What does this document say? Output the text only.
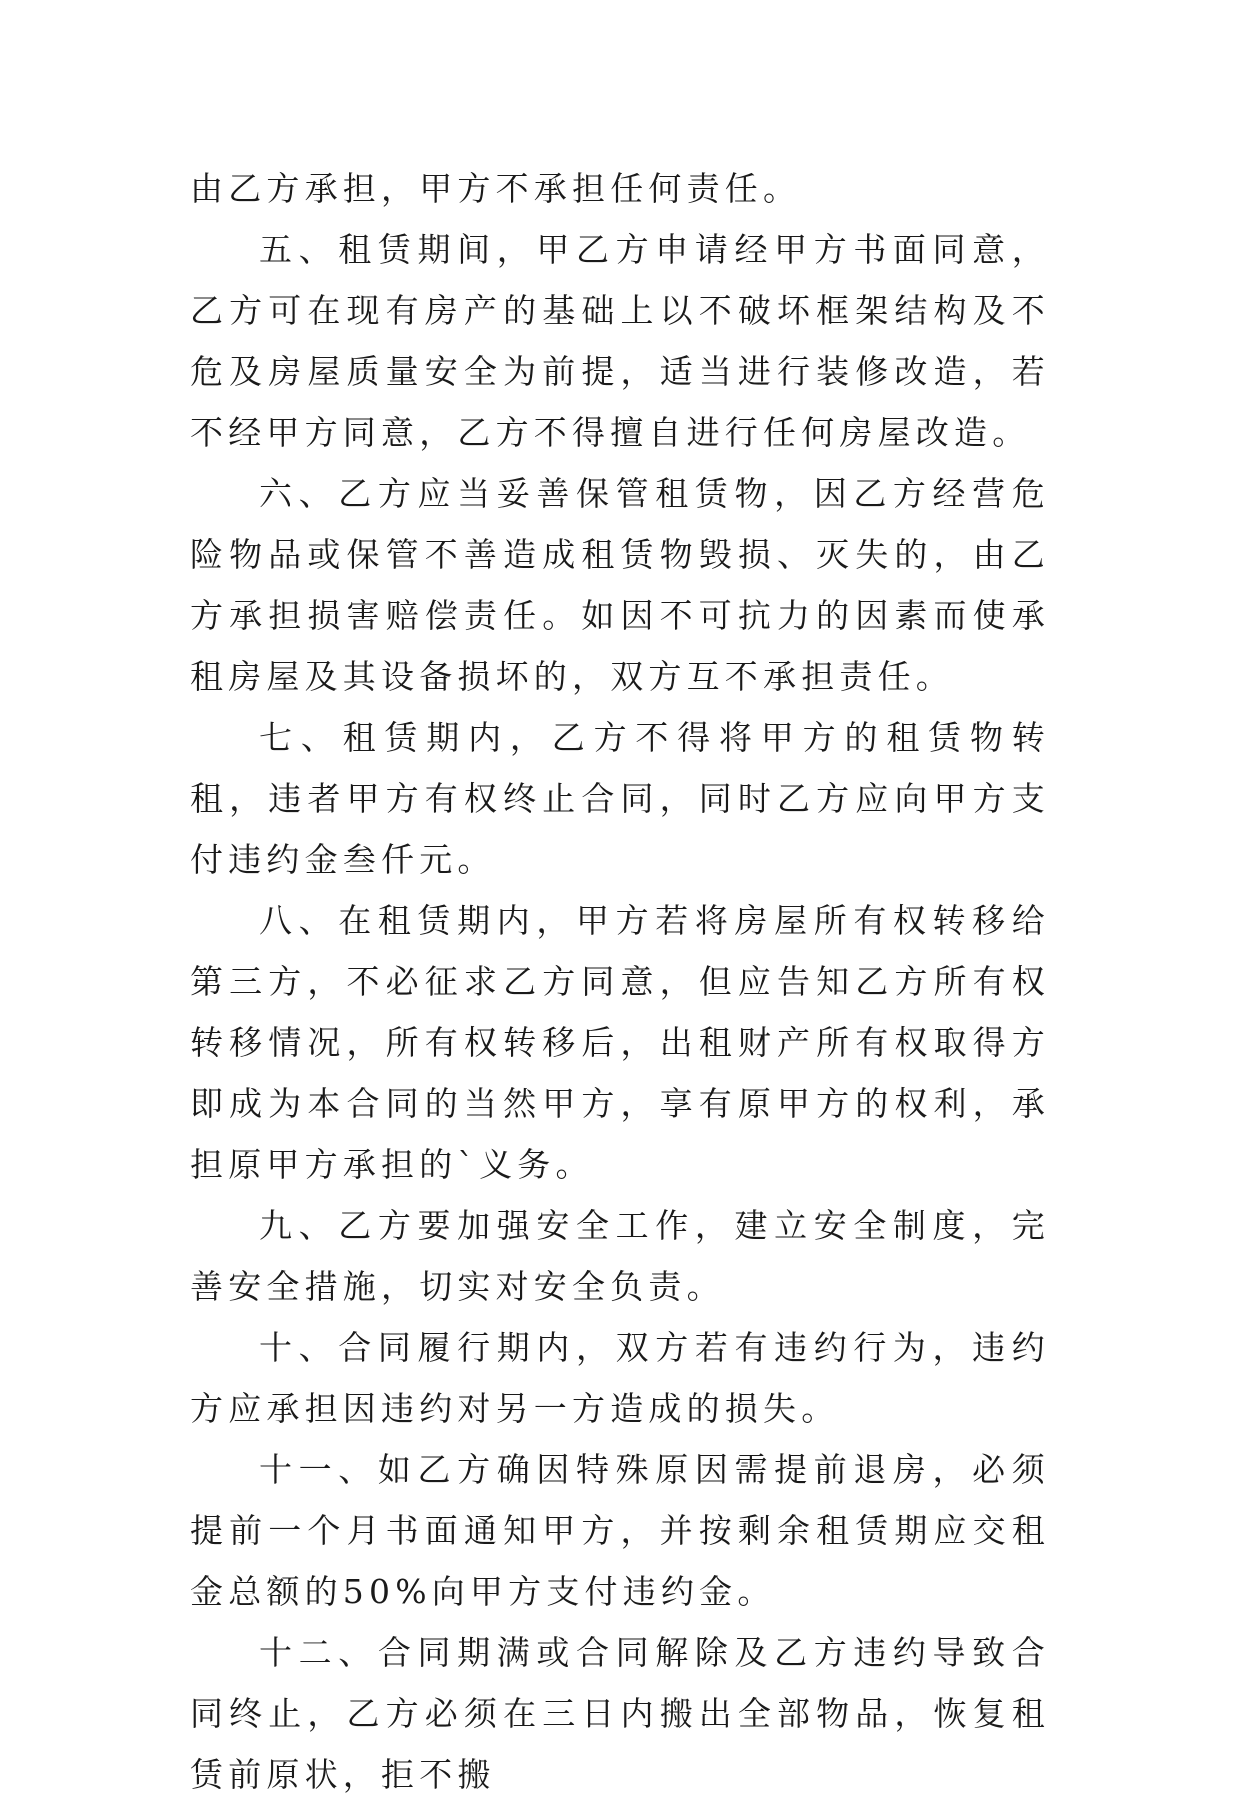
由乙方承担，甲方不承担任何责任。

五、租赁期间，甲乙方申请经甲方书面同意，乙方可在现有房产的基础上以不破坏框架结构及不危及房屋质量安全为前提，适当进行装修改造，若不经甲方同意，乙方不得擅自进行任何房屋改造。

六、乙方应当妥善保管租赁物，因乙方经营危险物品或保管不善造成租赁物毁损、灭失的，由乙方承担损害赔偿责任。如因不可抗力的因素而使承租房屋及其设备损坏的，双方互不承担责任。

七、租赁期内，乙方不得将甲方的租赁物转租，违者甲方有权终止合同，同时乙方应向甲方支付违约金叁仟元。

八、在租赁期内，甲方若将房屋所有权转移给第三方，不必征求乙方同意，但应告知乙方所有权转移情况，所有权转移后，出租财产所有权取得方即成为本合同的当然甲方，享有原甲方的权利，承担原甲方承担的`义务。

九、乙方要加强安全工作，建立安全制度，完善安全措施，切实对安全负责。

十、合同履行期内，双方若有违约行为，违约方应承担因违约对另一方造成的损失。

十一、如乙方确因特殊原因需提前退房，必须提前一个月书面通知甲方，并按剩余租赁期应交租金总额的50%向甲方支付违约金。

十二、合同期满或合同解除及乙方违约导致合同终止，乙方必须在三日内搬出全部物品，恢复租赁前原状，拒不搬
